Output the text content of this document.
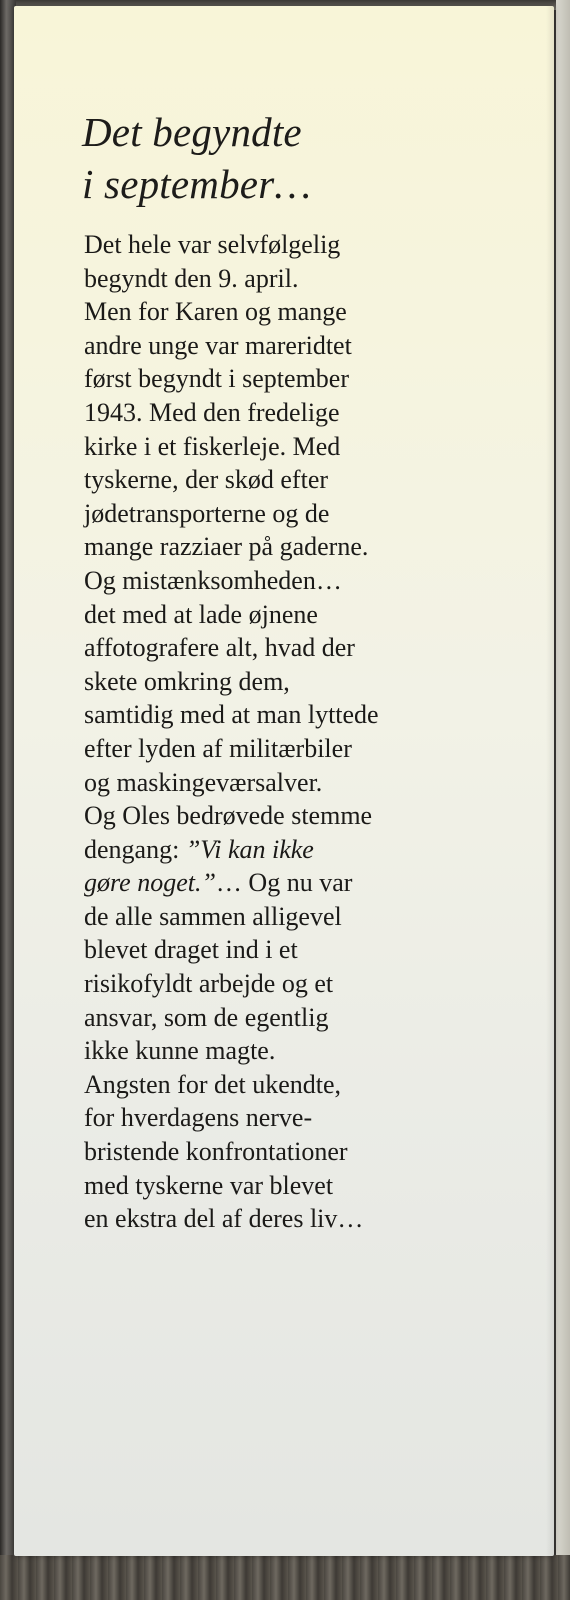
Det begyndte
i september…

Det hele var selvfølgelig
begyndt den 9. april.
Men for Karen og mange
andre unge var mareridtet
først begyndt i september
1943. Med den fredelige
kirke i et fiskerleje. Med
tyskerne, der skød efter
jødetransporterne og de
mange razziaer på gaderne.
Og mistænksomheden…
det med at lade øjnene
affotografere alt, hvad der
skete omkring dem,
samtidig med at man lyttede
efter lyden af militærbiler
og maskingeværsalver.
Og Oles bedrøvede stemme
dengang: ”Vi kan ikke
gøre noget.”… Og nu var
de alle sammen alligevel
blevet draget ind i et
risikofyldt arbejde og et
ansvar, som de egentlig
ikke kunne magte.
Angsten for det ukendte,
for hverdagens nerve-
bristende konfrontationer
med tyskerne var blevet
en ekstra del af deres liv…
